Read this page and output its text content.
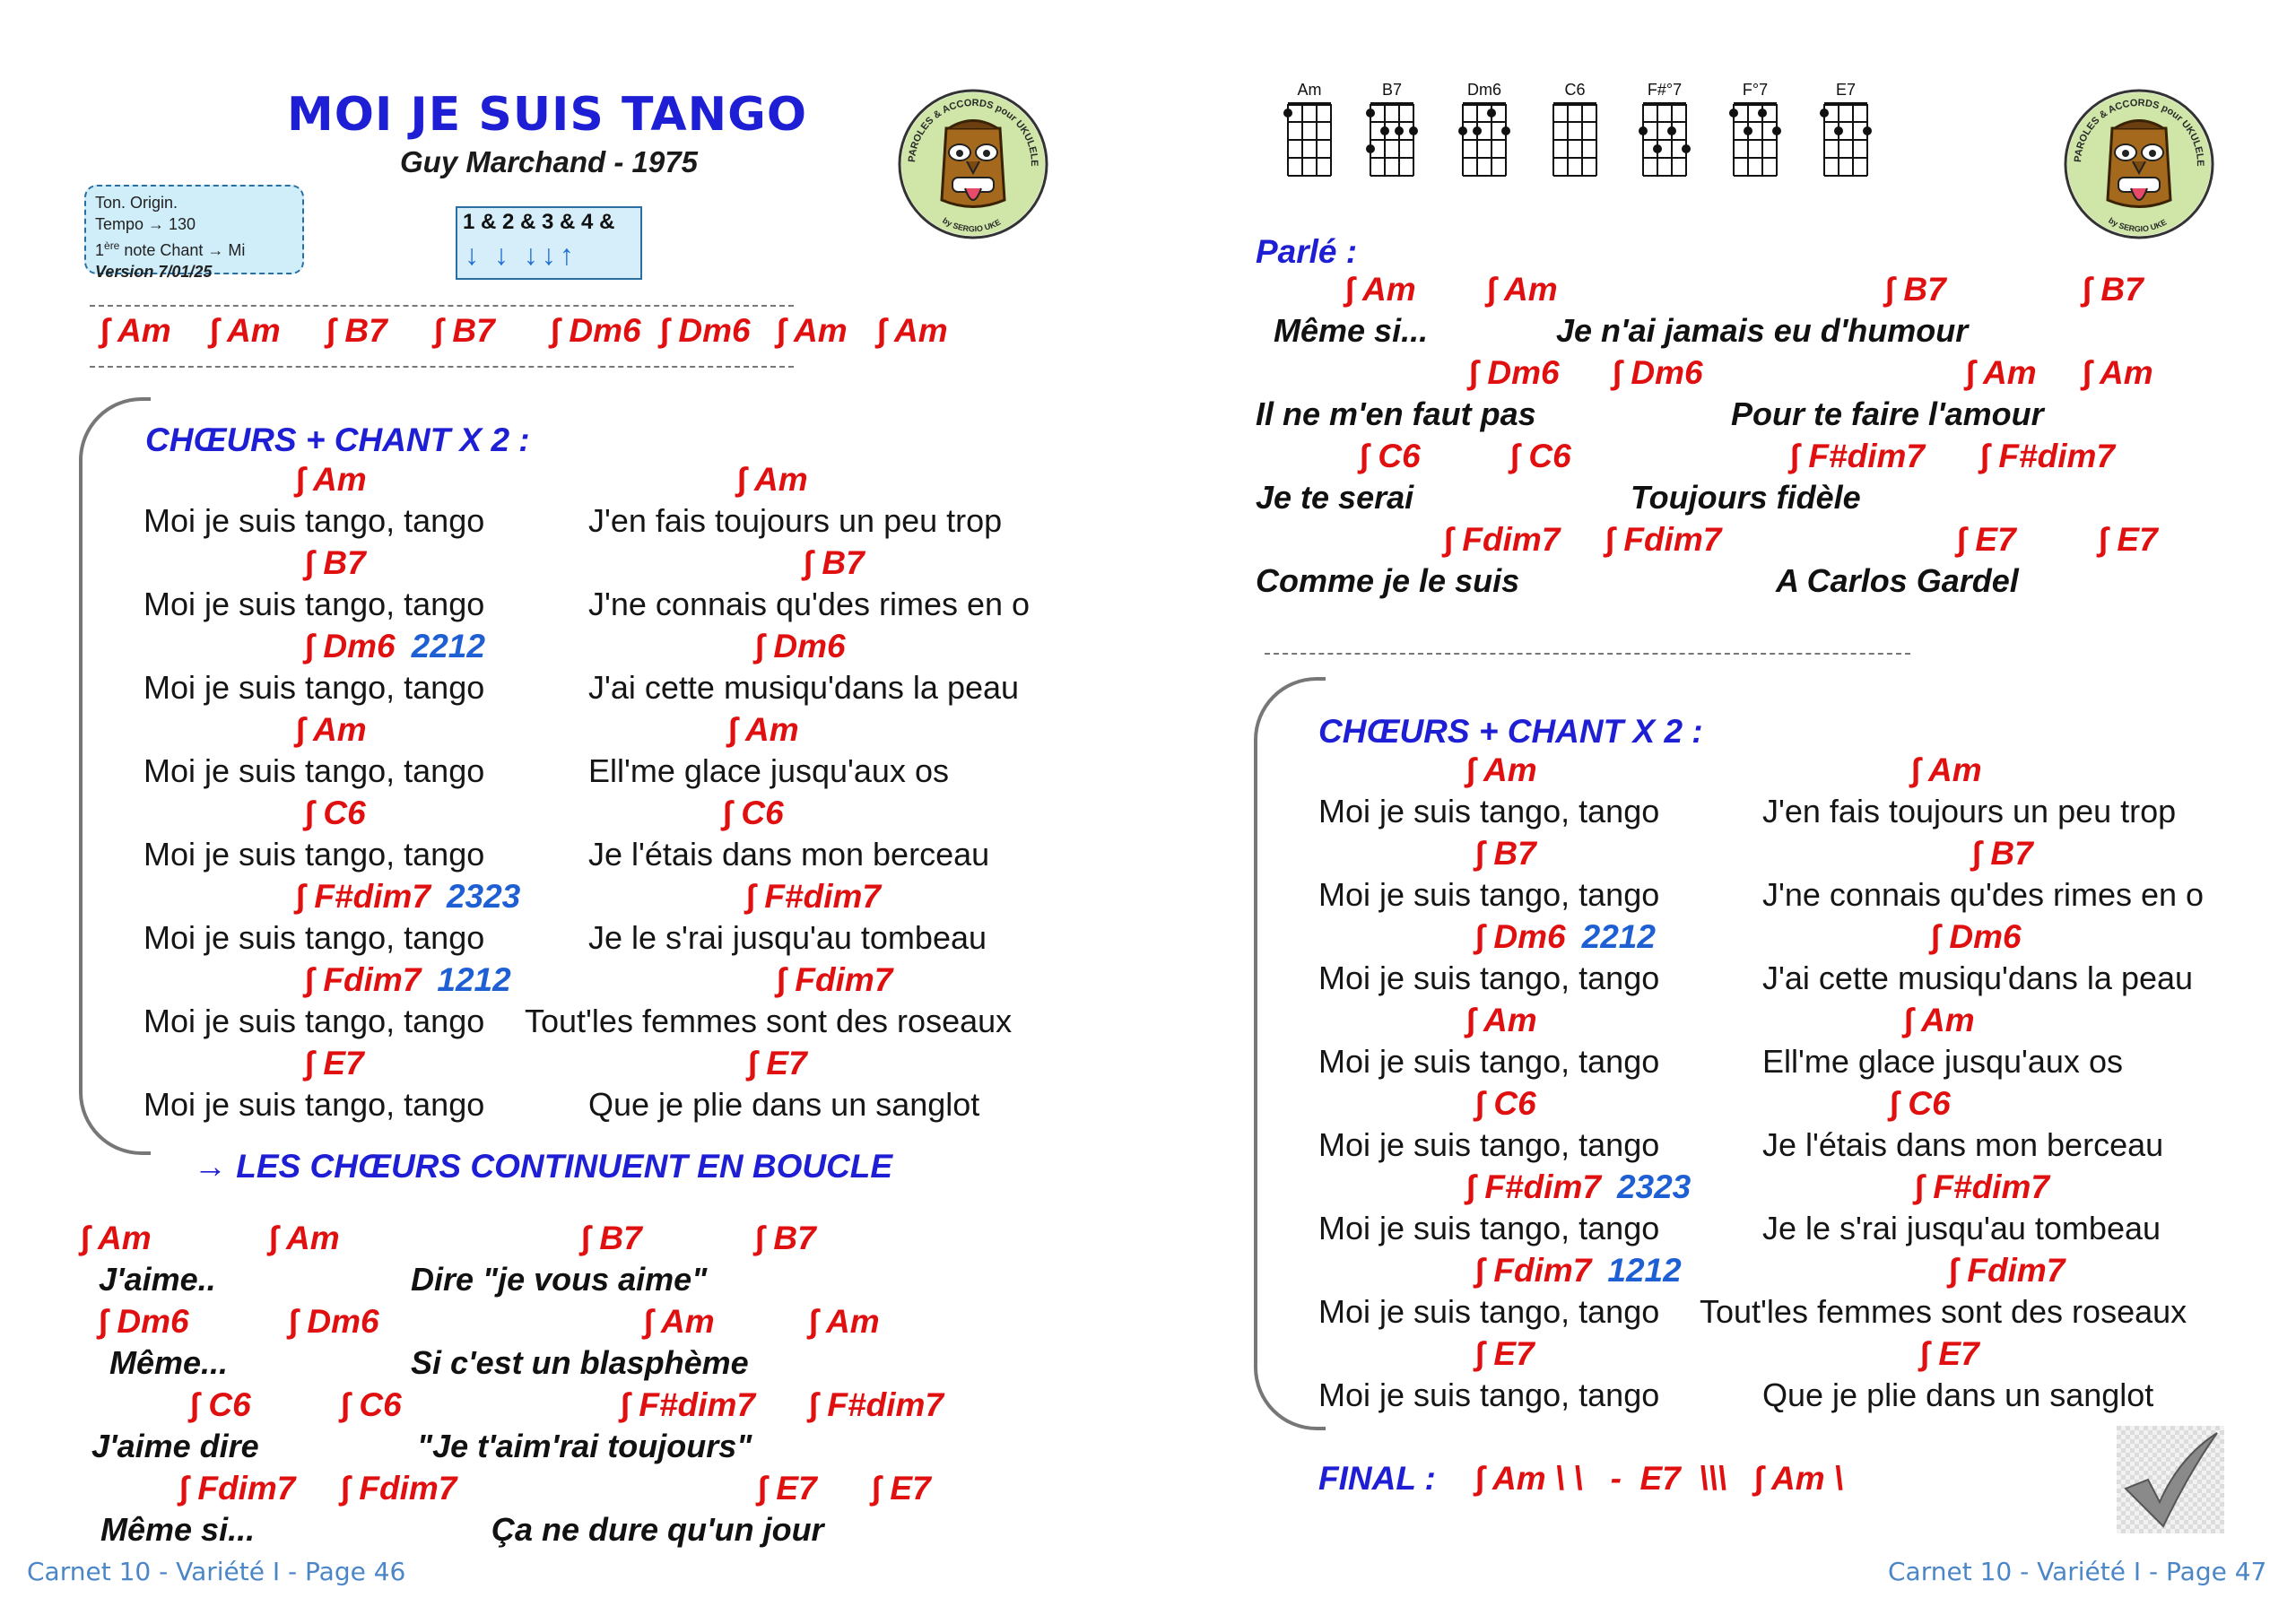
MOI JE SUIS TANGO
Guy Marchand - 1975
Ton. Origin.
Tempo → 130
1ère note Chant → Mi
Version 7/01/25
1 & 2 & 3 & 4 &
↓ ↓ ↓↓↑
PAROLES & ACCORDS pour UKULELE
by SERGIO UKE
∫ Am ∫ Am ∫ B7 ∫ B7 ∫ Dm6 ∫ Dm6 ∫ Am ∫ Am
CHŒURS + CHANT X 2 :
∫ Am	∫ Am
Moi je suis tango, tango	J'en fais toujours un peu trop
∫ B7	∫ B7
Moi je suis tango, tango	J'ne connais qu'des rimes en o
∫ Dm6 2212	∫ Dm6
Moi je suis tango, tango	J'ai cette musiqu'dans la peau
∫ Am	∫ Am
Moi je suis tango, tango	Ell'me glace jusqu'aux os
∫ C6	∫ C6
Moi je suis tango, tango	Je l'étais dans mon berceau
∫ F#dim7 2323	∫ F#dim7
Moi je suis tango, tango	Je le s'rai jusqu'au tombeau
∫ Fdim7 1212	∫ Fdim7
Moi je suis tango, tango Tout'les femmes sont des roseaux
∫ E7	∫ E7
Moi je suis tango, tango	Que je plie dans un sanglot
→ LES CHŒURS CONTINUENT EN BOUCLE
∫ Am	∫ Am	∫ B7	∫ B7
J'aime..	Dire "je vous aime"
∫ Dm6	∫ Dm6	∫ Am	∫ Am
Même...	Si c'est un blasphème
∫ C6	∫ C6	∫ F#dim7 ∫ F#dim7
J'aime dire	"Je t'aim'rai toujours"
∫ Fdim7 ∫ Fdim7	∫ E7 ∫ E7
Même si...	Ça ne dure qu'un jour
Carnet 10 - Variété I - Page 46
Am	B7	Dm6	C6	F#°7	F°7	E7
PAROLES & ACCORDS pour UKULELE
by SERGIO UKE
Parlé :
∫ Am ∫ Am	∫ B7	∫ B7
Même si...	Je n'ai jamais eu d'humour
∫ Dm6 ∫ Dm6	∫ Am ∫ Am
Il ne m'en faut pas	Pour te faire l'amour
∫ C6	∫ C6	∫ F#dim7 ∫ F#dim7
Je te serai	Toujours fidèle
∫ Fdim7 ∫ Fdim7	∫ E7 ∫ E7
Comme je le suis	A Carlos Gardel
CHŒURS + CHANT X 2 :
∫ Am	∫ Am
Moi je suis tango, tango	J'en fais toujours un peu trop
∫ B7	∫ B7
Moi je suis tango, tango	J'ne connais qu'des rimes en o
∫ Dm6 2212	∫ Dm6
Moi je suis tango, tango	J'ai cette musiqu'dans la peau
∫ Am	∫ Am
Moi je suis tango, tango	Ell'me glace jusqu'aux os
∫ C6	∫ C6
Moi je suis tango, tango	Je l'étais dans mon berceau
∫ F#dim7 2323	∫ F#dim7
Moi je suis tango, tango	Je le s'rai jusqu'au tombeau
∫ Fdim7 1212	∫ Fdim7
Moi je suis tango, tango Tout'les femmes sont des roseaux
∫ E7	∫ E7
Moi je suis tango, tango	Que je plie dans un sanglot
FINAL : ∫ Am \ \   -  E7  \\\   ∫ Am \
Carnet 10 - Variété I - Page 47
